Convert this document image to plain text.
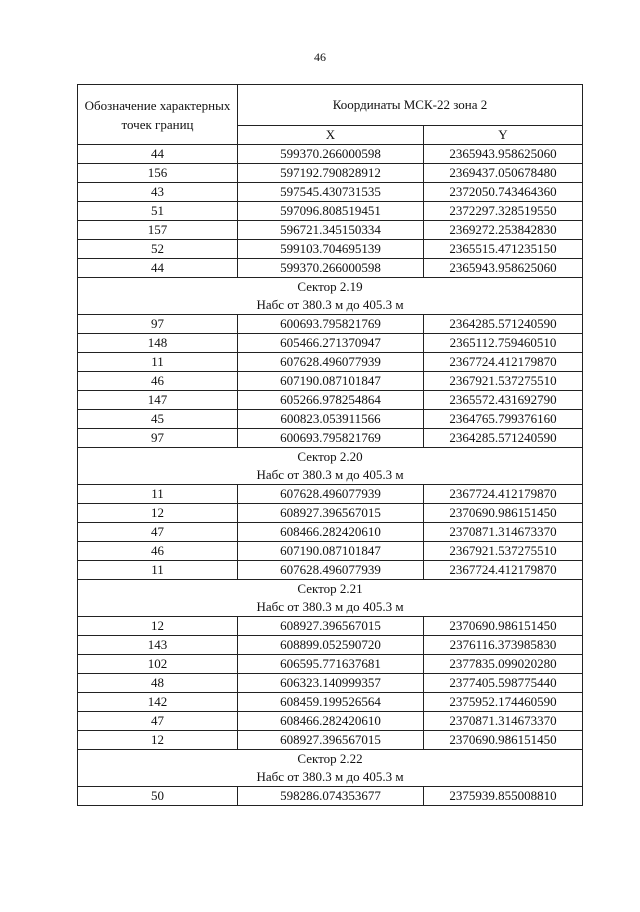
46
Обозначение характерных точек границ	Координаты МСК-22 зона 2	
	X	Y
44	599370.266000598	2365943.958625060
156	597192.790828912	2369437.050678480
43	597545.430731535	2372050.743464360
51	597096.808519451	2372297.328519550
157	596721.345150334	2369272.253842830
52	599103.704695139	2365515.471235150
44	599370.266000598	2365943.958625060
Сектор 2.19		
Набс от 380.3 м до 405.3 м		
97	600693.795821769	2364285.571240590
148	605466.271370947	2365112.759460510
11	607628.496077939	2367724.412179870
46	607190.087101847	2367921.537275510
147	605266.978254864	2365572.431692790
45	600823.053911566	2364765.799376160
97	600693.795821769	2364285.571240590
Сектор 2.20		
Набс от 380.3 м до 405.3 м		
11	607628.496077939	2367724.412179870
12	608927.396567015	2370690.986151450
47	608466.282420610	2370871.314673370
46	607190.087101847	2367921.537275510
11	607628.496077939	2367724.412179870
Сектор 2.21		
Набс от 380.3 м до 405.3 м		
12	608927.396567015	2370690.986151450
143	608899.052590720	2376116.373985830
102	606595.771637681	2377835.099020280
48	606323.140999357	2377405.598775440
142	608459.199526564	2375952.174460590
47	608466.282420610	2370871.314673370
12	608927.396567015	2370690.986151450
Сектор 2.22		
Набс от 380.3 м до 405.3 м		
50	598286.074353677	2375939.855008810
